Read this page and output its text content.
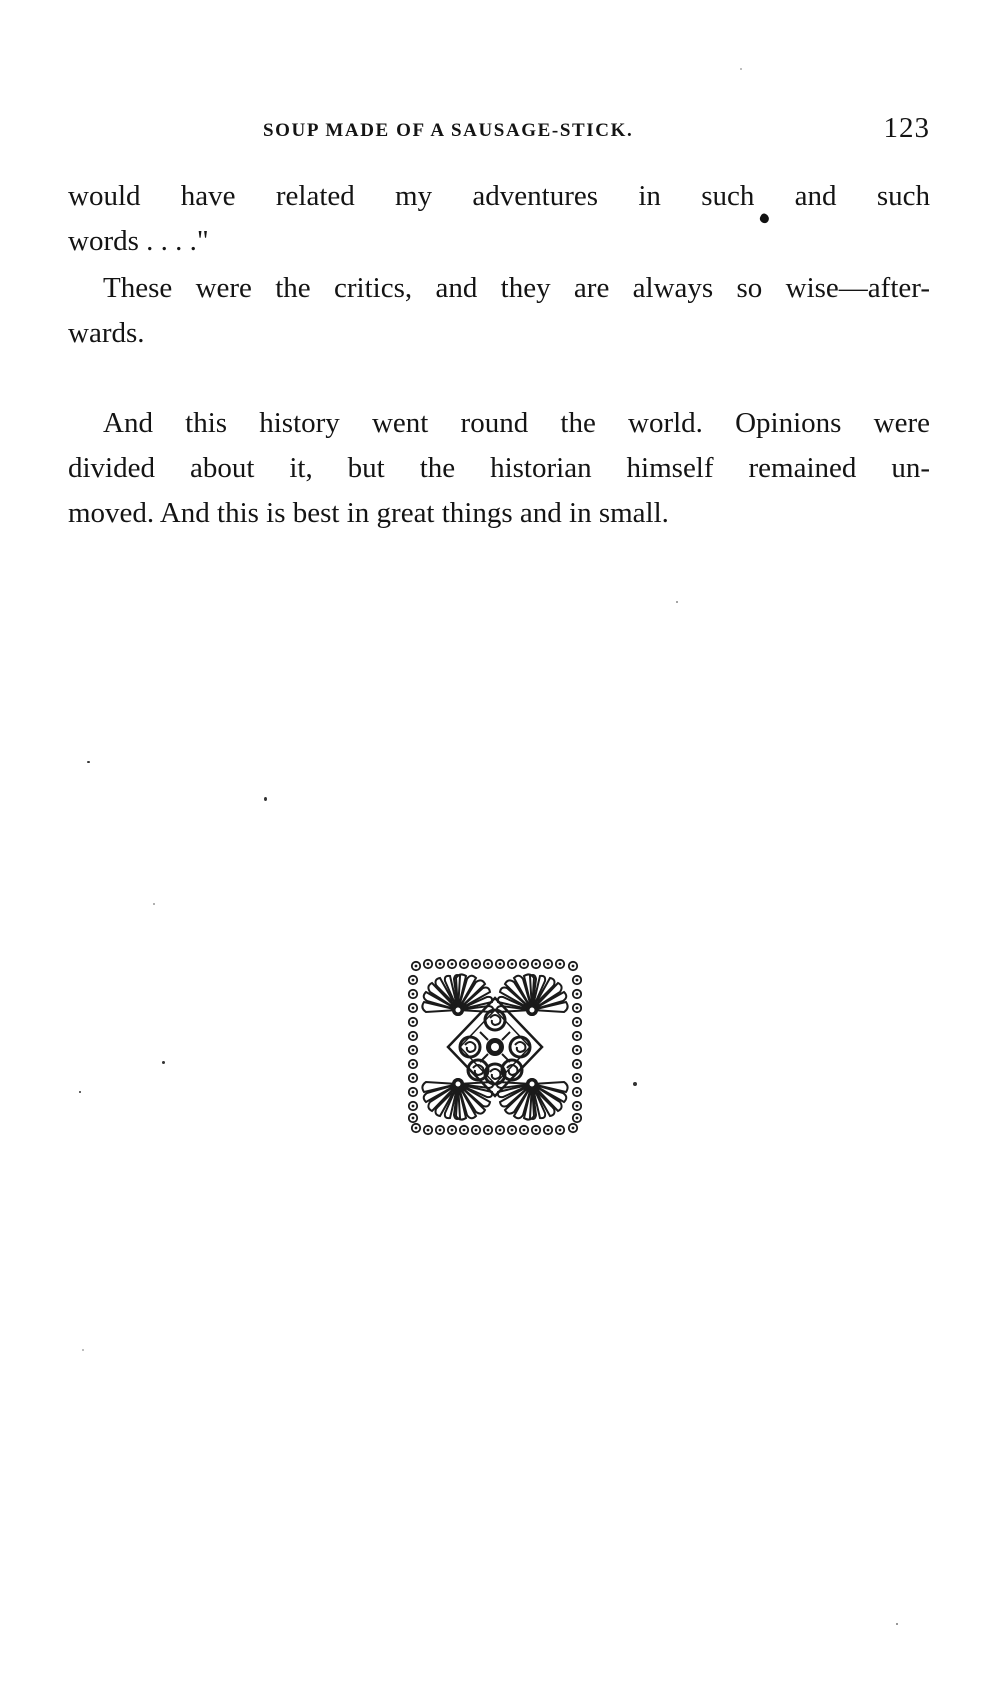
SOUP MADE OF A SAUSAGE-STICK.	123
would have related my adventures in such and such
words . . . ."
These were the critics, and they are always so wise—after-
wards.
And this history went round the world. Opinions were
divided about it, but the historian himself remained un-
moved. And this is best in great things and in small.
